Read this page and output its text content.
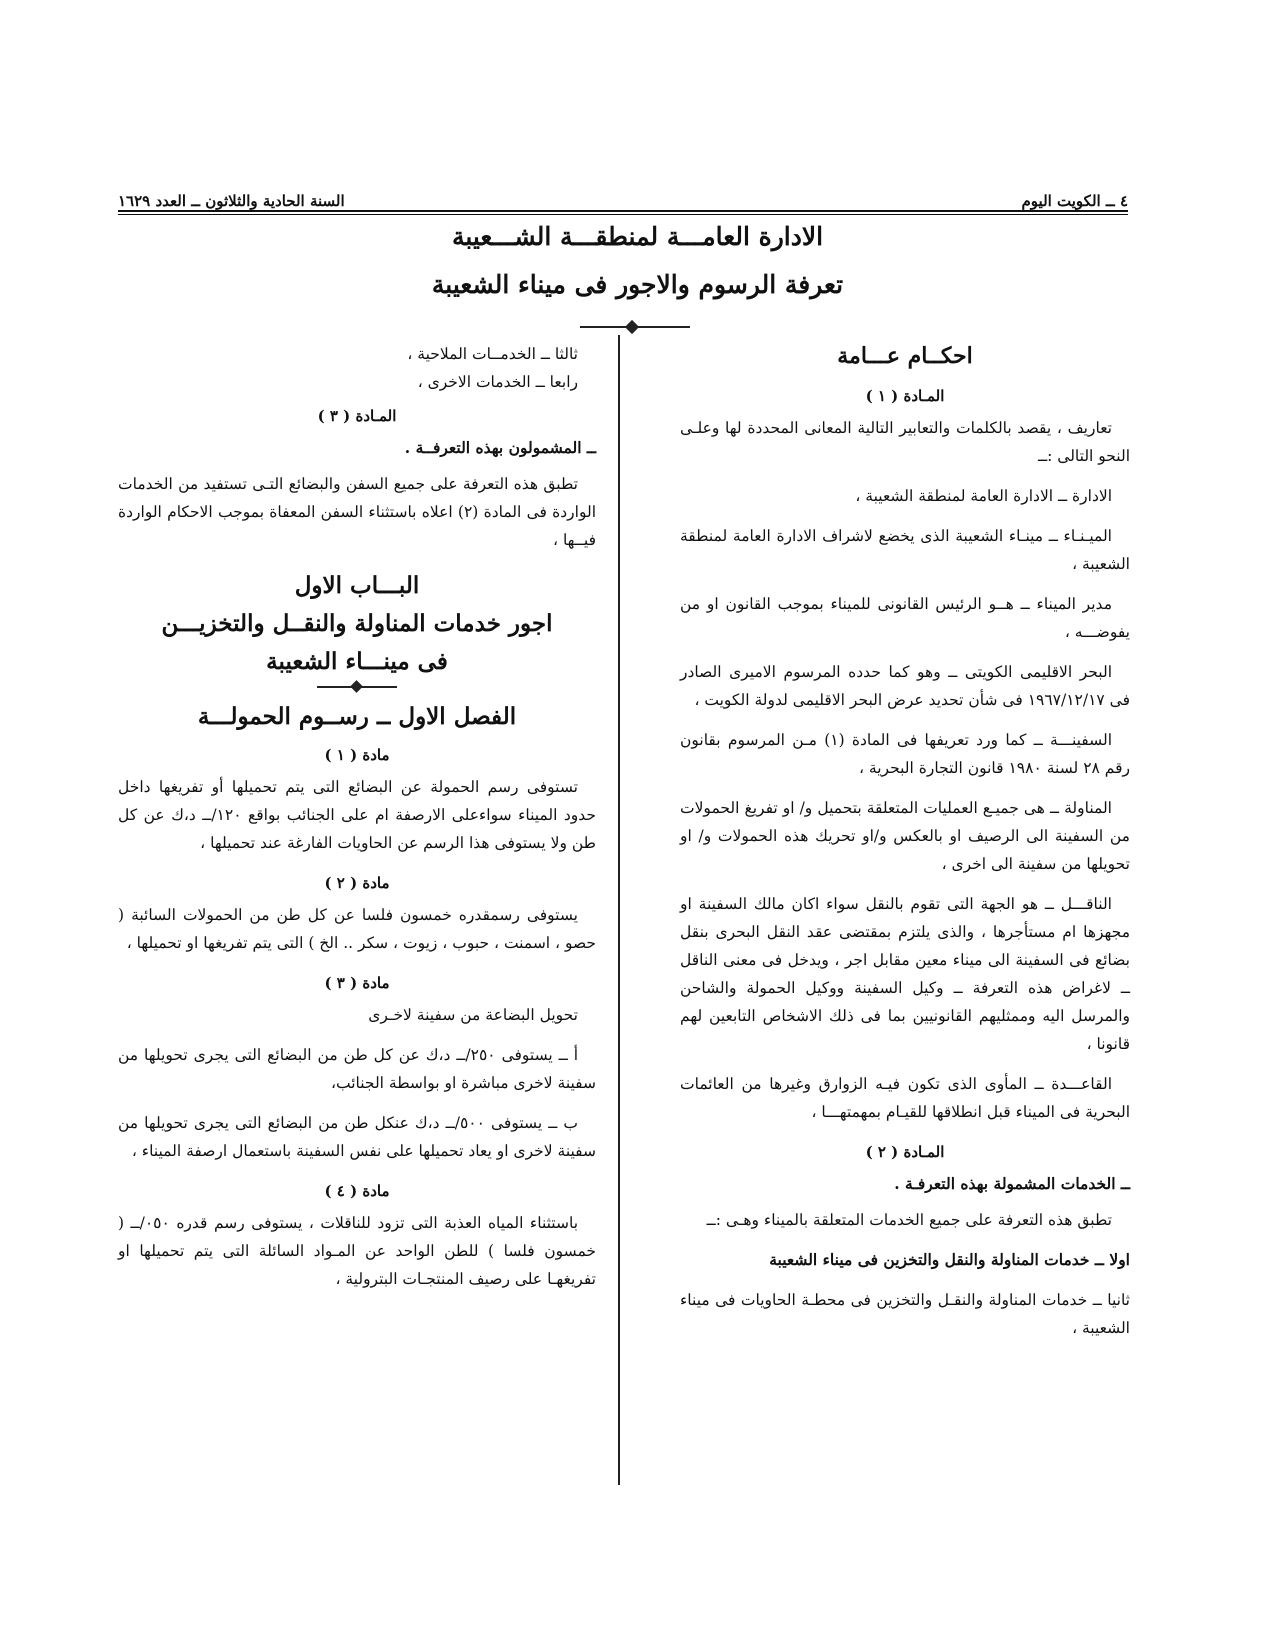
٤ ــ الكويت اليوم
السنة الحادية والثلاثون ــ العدد ١٦٢٩
الادارة العامـــة لمنطقـــة الشـــعيبة
تعرفة الرسوم والاجور فى ميناء الشعيبة
احكــام عـــامة
المـادة ( ١ )

تعاريف ، يقصد بالكلمات والتعابير التالية المعانى المحددة لها وعلـى النحو التالى :ــ

الادارة ــ الادارة العامة لمنطقة الشعيبة ،

الميـنـاء ــ مينـاء الشعيبة الذى يخضع لاشراف الادارة العامة لمنطقة الشعيبة ،

مدير الميناء ــ هــو الرئيس القانونى للميناء بموجب القانون او من يفوضـــه ،

البحر الاقليمى الكويتى ــ وهو كما حدده المرسوم الاميرى الصادر فى ١٩٦٧/١٢/١٧ فى شأن تحديد عرض البحر الاقليمى لدولة الكويت ،

السفينـــة ــ كما ورد تعريفها فى المادة (١) مـن المرسوم بقانون رقم ٢٨ لسنة ١٩٨٠ قانون التجارة البحرية ،

المناولة ــ هى جميـع العمليات المتعلقة بتحميل و/ او تفريغ الحمولات من السفينة الى الرصيف او بالعكس و/او تحريك هذه الحمولات و/ او تحويلها من سفينة الى اخرى ،

الناقـــل ــ هو الجهة التى تقوم بالنقل سواء اكان مالك السفينة او مجهزها ام مستأجرها ، والذى يلتزم بمقتضى عقد النقل البحرى بنقل بضائع فى السفينة الى ميناء معين مقابل اجر ، ويدخل فى معنى الناقل ــ لاغراض هذه التعرفة ــ وكيل السفينة ووكيل الحمولة والشاحن والمرسل اليه وممثليهم القانونيين بما فى ذلك الاشخاص التابعين لهم قانونا ،

القاعـــدة ــ المأوى الذى تكون فيـه الزوارق وغيرها من العائمات البحرية فى الميناء قبل انطلاقها للقيـام بمهمتهـــا ،

المـادة ( ٢ )
ــ الخدمات المشمولة بهذه التعرفـة .

تطبق هذه التعرفة على جميع الخدمات المتعلقة بالميناء وهـى :ــ

اولا ــ خدمات المناولة والنقل والتخزين فى ميناء الشعيبة

ثانيا ــ خدمات المناولة والنقـل والتخزين فى محطـة الحاويات فى ميناء الشعيبة ،

ثالثا ــ الخدمــات الملاحية ،

رابعا ــ الخدمات الاخرى ،

المـادة ( ٣ )
ــ المشمولون بهذه التعرفــة .

تطبق هذه التعرفة على جميع السفن والبضائع التـى تستفيد من الخدمات الواردة فى المادة (٢) اعلاه باستثناء السفن المعفاة بموجب الاحكام الواردة فيــها ،

البـــاب الاول
اجور خدمات المناولة والنقــل والتخزيـــن
فى مينـــاء الشعيبة
الفصل الاول ــ رســوم الحمولـــة
مادة ( ١ )

تستوفى رسم الحمولة عن البضائع التى يتم تحميلها أو تفريغها داخل حدود الميناء سواءعلى الارصفة ام على الجنائب بواقع ١٢٠/ــ د،ك عن كل طن ولا يستوفى هذا الرسم عن الحاويات الفارغة عند تحميلها ،

مادة ( ٢ )

يستوفى رسمقدره خمسون فلسا عن كل طن من الحمولات السائبة ( حصو ، اسمنت ، حبوب ، زيوت ، سكر .. الخ ) التى يتم تفريغها او تحميلها ،

مادة ( ٣ )

تحويل البضاعة من سفينة لاخـرى

أ ــ يستوفى ٢٥٠/ــ د،ك عن كل طن من البضائع التى يجرى تحويلها من سفينة لاخرى مباشرة او بواسطة الجنائب،

ب ــ يستوفى ٥٠٠/ــ د،ك عنكل طن من البضائع التى يجرى تحويلها من سفينة لاخرى او يعاد تحميلها على نفس السفينة باستعمال ارصفة الميناء ،

مادة ( ٤ )

باستثناء المياه العذبة التى تزود للناقلات ، يستوفى رسم قدره ٠٥٠/ــ ( خمسون فلسا ) للطن الواحد عن المـواد السائلة التى يتم تحميلها او تفريغهـا على رصيف المنتجـات البترولية ،
